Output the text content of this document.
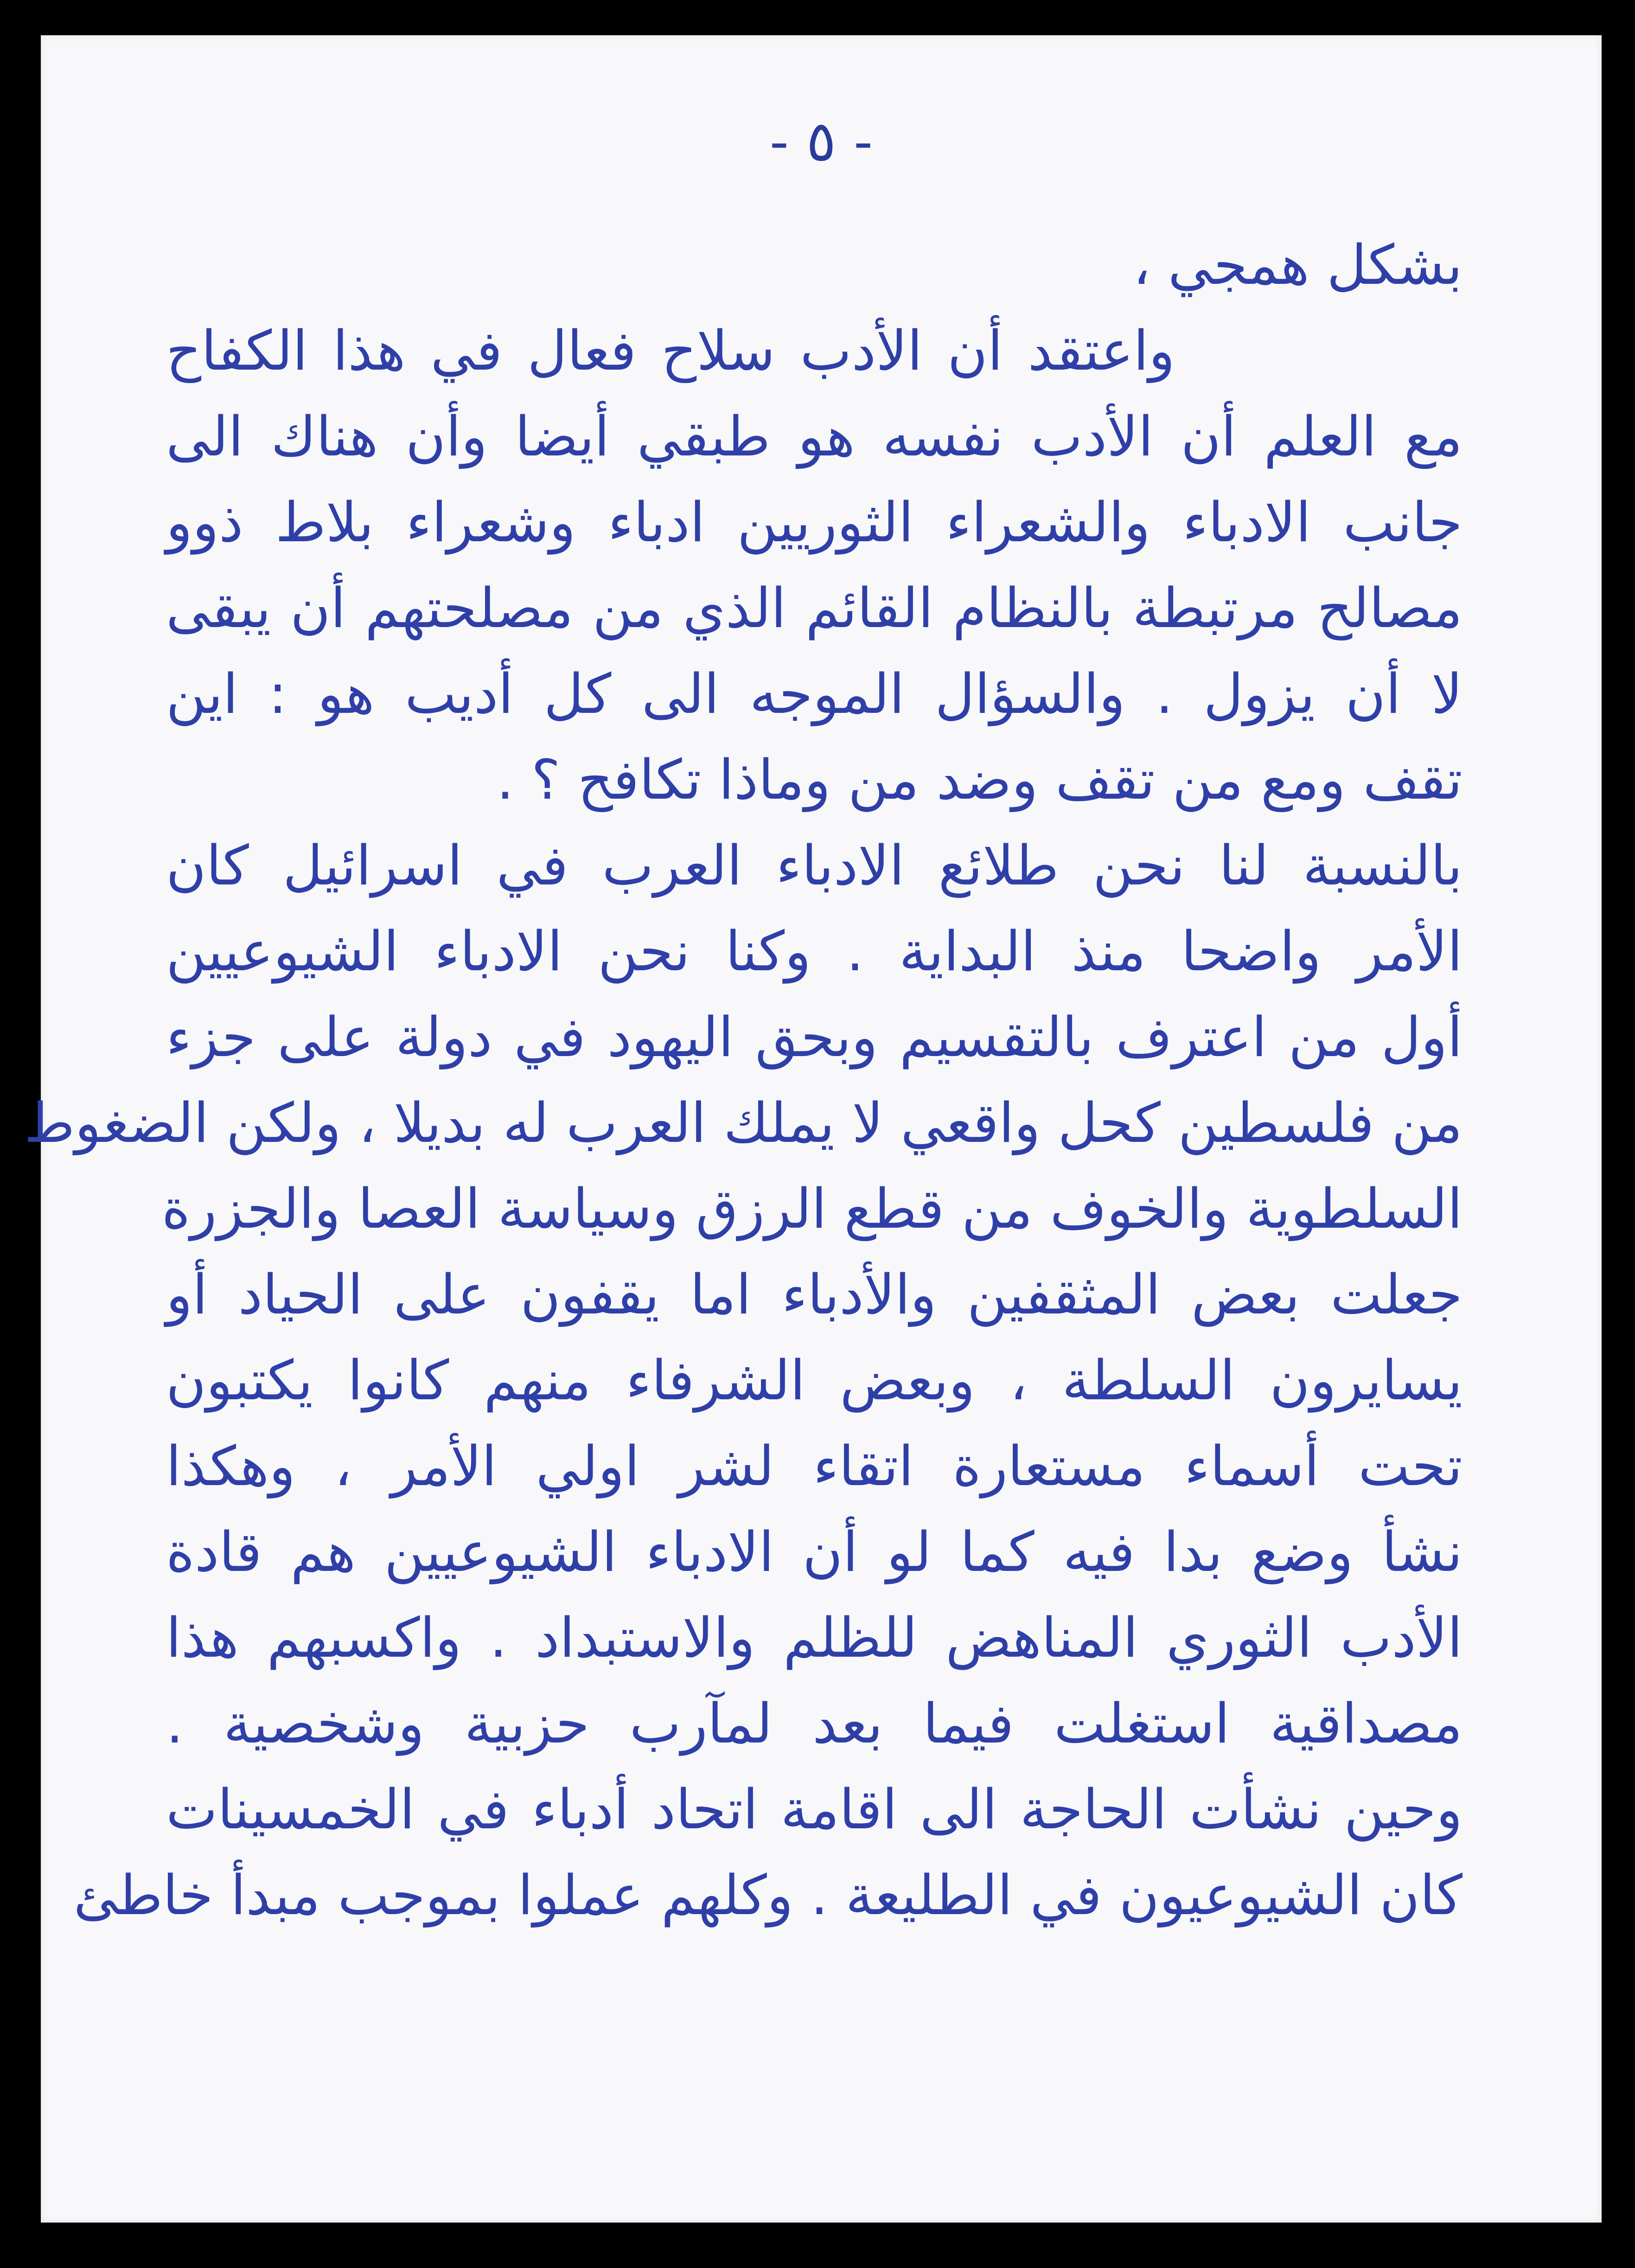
- ٥ -
بشكل همجي ،
واعتقد أن الأدب سلاح فعال في هذا الكفاح
مع العلم أن الأدب نفسه هو طبقي أيضا وأن هناك الى
جانب الادباء والشعراء الثوريين ادباء وشعراء بلاط ذوو
مصالح مرتبطة بالنظام القائم الذي من مصلحتهم أن يبقى
لا أن يزول . والسؤال الموجه الى كل أديب هو : اين
تقف ومع من تقف وضد من وماذا تكافح ؟ .
بالنسبة لنا نحن طلائع الادباء العرب في اسرائيل كان
الأمر واضحا منذ البداية . وكنا نحن الادباء الشيوعيين
أول من اعترف بالتقسيم وبحق اليهود في دولة على جزء
من فلسطين كحل واقعي لا يملك العرب له بديلا ، ولكن الضغوط
السلطوية والخوف من قطع الرزق وسياسة العصا والجزرة
جعلت بعض المثقفين والأدباء اما يقفون على الحياد أو
يسايرون السلطة ، وبعض الشرفاء منهم كانوا يكتبون
تحت أسماء مستعارة اتقاء لشر اولي الأمر ، وهكذا
نشأ وضع بدا فيه كما لو أن الادباء الشيوعيين هم قادة
الأدب الثوري المناهض للظلم والاستبداد . واكسبهم هذا
مصداقية استغلت فيما بعد لمآرب حزبية وشخصية .
وحين نشأت الحاجة الى اقامة اتحاد أدباء في الخمسينات
كان الشيوعيون في الطليعة . وكلهم عملوا بموجب مبدأ خاطئ
